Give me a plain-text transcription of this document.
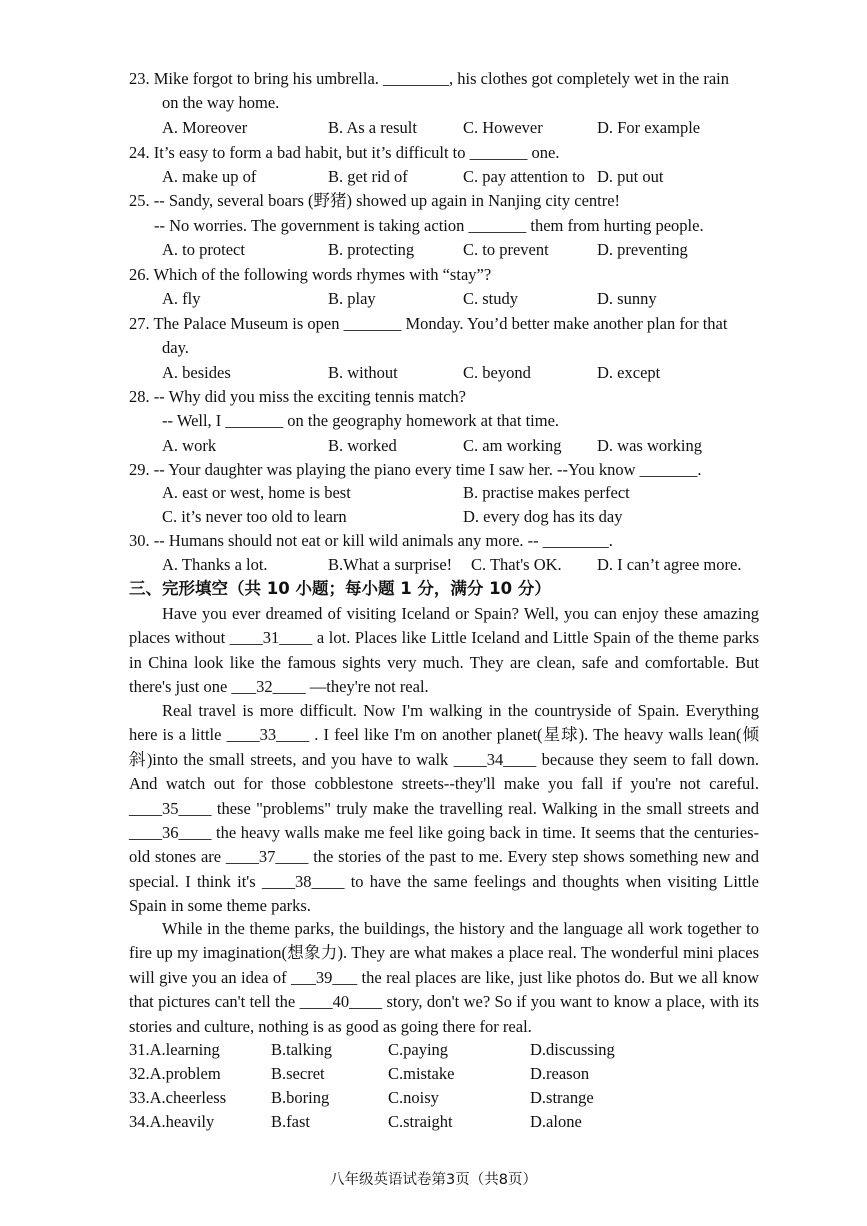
23. Mike forgot to bring his umbrella. ________, his clothes got completely wet in the rain
on the way home.
A. Moreover	B. As a result	C. However	D. For example
24. It’s easy to form a bad habit, but it’s difficult to _______ one.
A. make up of	B. get rid of	C. pay attention to D. put out
25. -- Sandy, several boars (野猪) showed up again in Nanjing city centre!
-- No worries. The government is taking action _______ them from hurting people.
A. to protect	B. protecting	C. to prevent	D. preventing
26. Which of the following words rhymes with “stay”?
A. fly	B. play	C. study	D. sunny
27. The Palace Museum is open _______ Monday. You’d better make another plan for that
day.
A. besides	B. without	C. beyond	D. except
28. -- Why did you miss the exciting tennis match?
-- Well, I _______ on the geography homework at that time.
A. work	B. worked	C. am working D. was working
29. -- Your daughter was playing the piano every time I saw her. --You know _______.
A. east or west, home is best	B. practise makes perfect
C. it’s never too old to learn	D. every dog has its day
30. -- Humans should not eat or kill wild animals any more. -- ________.
A. Thanks a lot.	B.What a surprise! C. That's OK. D. I can’t agree more.
三、完形填空（共 10 小题；每小题 1 分，满分 10 分）
Have you ever dreamed of visiting Iceland or Spain? Well, you can enjoy these amazing places without ____31____ a lot. Places like Little Iceland and Little Spain of the theme parks in China look like the famous sights very much. They are clean, safe and comfortable. But there's just one ___32____ —they're not real.
Real travel is more difficult. Now I'm walking in the countryside of Spain. Everything here is a little ____33____ . I feel like I'm on another planet(星球). The heavy walls lean(倾斜)into the small streets, and you have to walk ____34____ because they seem to fall down. And watch out for those cobblestone streets--they'll make you fall if you're not careful. ____35____ these "problems" truly make the travelling real. Walking in the small streets and ____36____ the heavy walls make me feel like going back in time. It seems that the centuries-old stones are ____37____ the stories of the past to me. Every step shows something new and special. I think it's ____38____ to have the same feelings and thoughts when visiting Little Spain in some theme parks.
While in the theme parks, the buildings, the history and the language all work together to fire up my imagination(想象力). They are what makes a place real. The wonderful mini places will give you an idea of ___39___ the real places are like, just like photos do. But we all know that pictures can't tell the ____40____ story, don't we? So if you want to know a place, with its stories and culture, nothing is as good as going there for real.
31.A.learning	B.talking	C.paying	D.discussing
32.A.problem	B.secret	C.mistake	D.reason
33.A.cheerless	B.boring	C.noisy	D.strange
34.A.heavily	B.fast	C.straight	D.alone
八年级英语试卷第3页（共8页）
